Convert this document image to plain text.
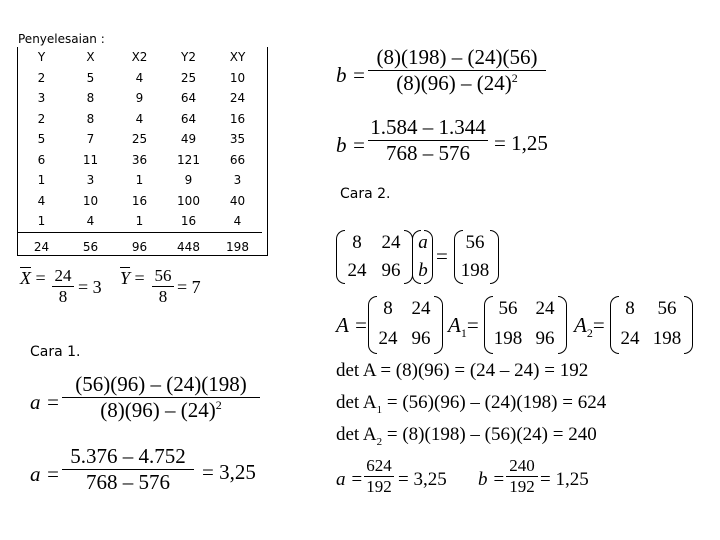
Penyelesaian :
Y	X	X2	Y2	XY
2	5	4	25	10
3	8	9	64	24
2	8	4	64	16
5	7	25	49	35
6	11	36	121	66
1	3	1	9	3
4	10	16	100	40
1	4	1	16	4
24	56	96	448	198
$\overline{X} = \frac{24}{8} = 3$ $\overline{Y} = \frac{56}{8} = 7$
Cara 1.
$a = \frac{(56)(96) - (24)(198)}{(8)(96) - (24)^2}$
$a = \frac{5.376 - 4.752}{768 - 576} = 3,25$
$b = \frac{(8)(198) - (24)(56)}{(8)(96) - (24)^2}$
$b = \frac{1.584 - 1.344}{768 - 576} = 1,25$
Cara 2.
8	24
24 96
a
b
=
56
198
A =
8 24
24 96
$A_1=$
56 24
198 96
$A_2=$
8	56
24 198
det A = (8)(96) = (24 – 24) = 192
$\det A_1 = (56)(96) - (24)(198) = 624$
$\det A_2 = (8)(198) - (56)(24) = 240$
$a = \frac{624}{192} = 3,25$ $b = \frac{240}{192} = 1,25$
